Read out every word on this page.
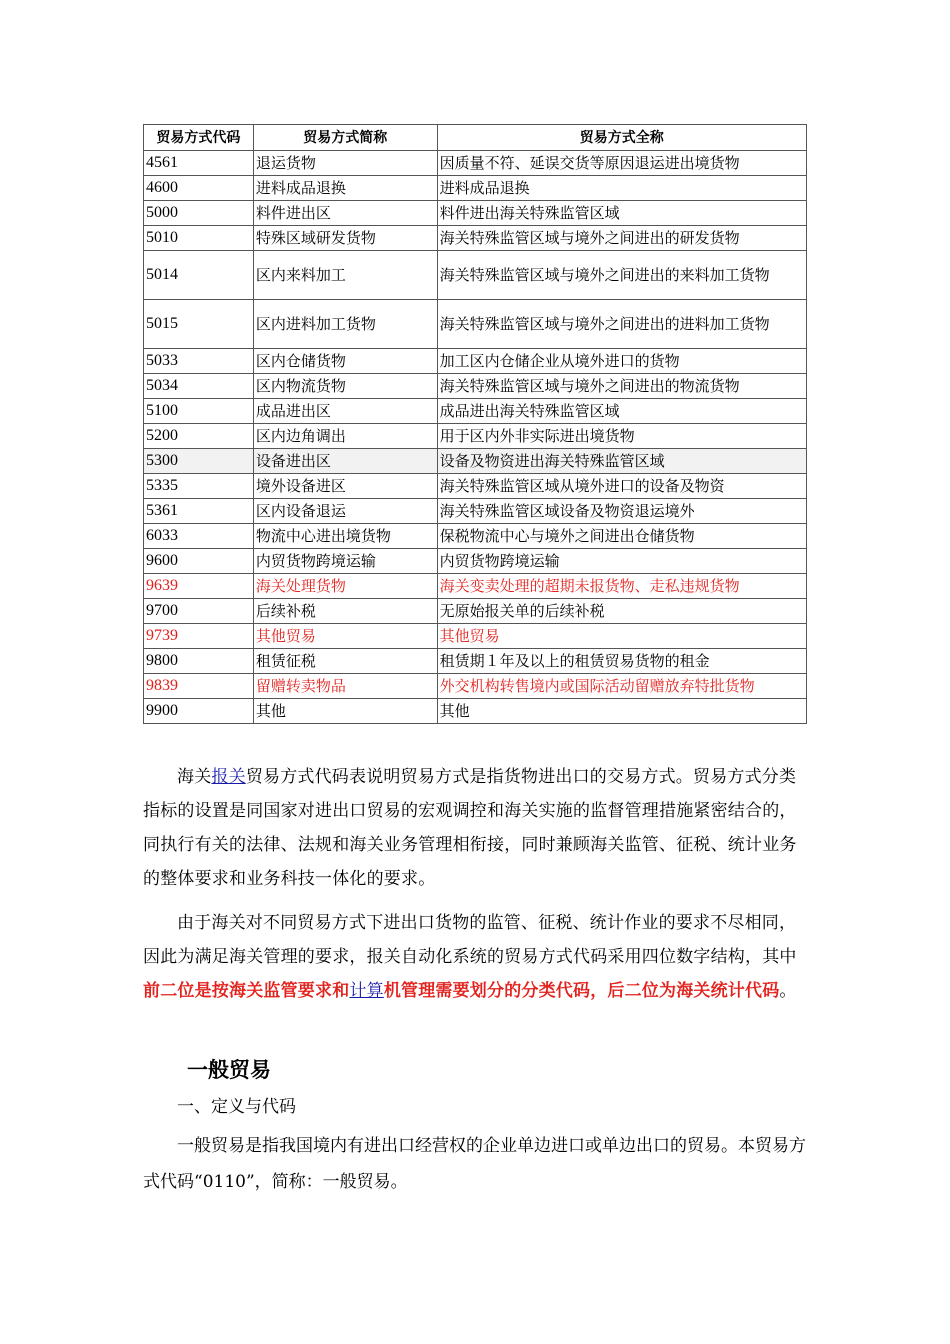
贸易方式代码	贸易方式简称	贸易方式全称
4561	退运货物	因质量不符、延误交货等原因退运进出境货物
4600	进料成品退换	进料成品退换
5000	料件进出区	料件进出海关特殊监管区域
5010	特殊区域研发货物	海关特殊监管区域与境外之间进出的研发货物
5014	区内来料加工	海关特殊监管区域与境外之间进出的来料加工货物
5015	区内进料加工货物	海关特殊监管区域与境外之间进出的进料加工货物
5033	区内仓储货物	加工区内仓储企业从境外进口的货物
5034	区内物流货物	海关特殊监管区域与境外之间进出的物流货物
5100	成品进出区	成品进出海关特殊监管区域
5200	区内边角调出	用于区内外非实际进出境货物
5300	设备进出区	设备及物资进出海关特殊监管区域
5335	境外设备进区	海关特殊监管区域从境外进口的设备及物资
5361	区内设备退运	海关特殊监管区域设备及物资退运境外
6033	物流中心进出境货物	保税物流中心与境外之间进出仓储货物
9600	内贸货物跨境运输	内贸货物跨境运输
9639	海关处理货物	海关变卖处理的超期未报货物、走私违规货物
9700	后续补税	无原始报关单的后续补税
9739	其他贸易	其他贸易
9800	租赁征税	租赁期１年及以上的租赁贸易货物的租金
9839	留赠转卖物品	外交机构转售境内或国际活动留赠放弃特批货物
9900	其他	其他

海关报关贸易方式代码表说明贸易方式是指货物进出口的交易方式。贸易方式分类指标的设置是同国家对进出口贸易的宏观调控和海关实施的监督管理措施紧密结合的，同执行有关的法律、法规和海关业务管理相衔接，同时兼顾海关监管、征税、统计业务的整体要求和业务科技一体化的要求。

由于海关对不同贸易方式下进出口货物的监管、征税、统计作业的要求不尽相同，因此为满足海关管理的要求，报关自动化系统的贸易方式代码采用四位数字结构，其中前二位是按海关监管要求和计算机管理需要划分的分类代码，后二位为海关统计代码。

一般贸易

一、定义与代码

一般贸易是指我国境内有进出口经营权的企业单边进口或单边出口的贸易。本贸易方式代码“0110”，简称：一般贸易。
